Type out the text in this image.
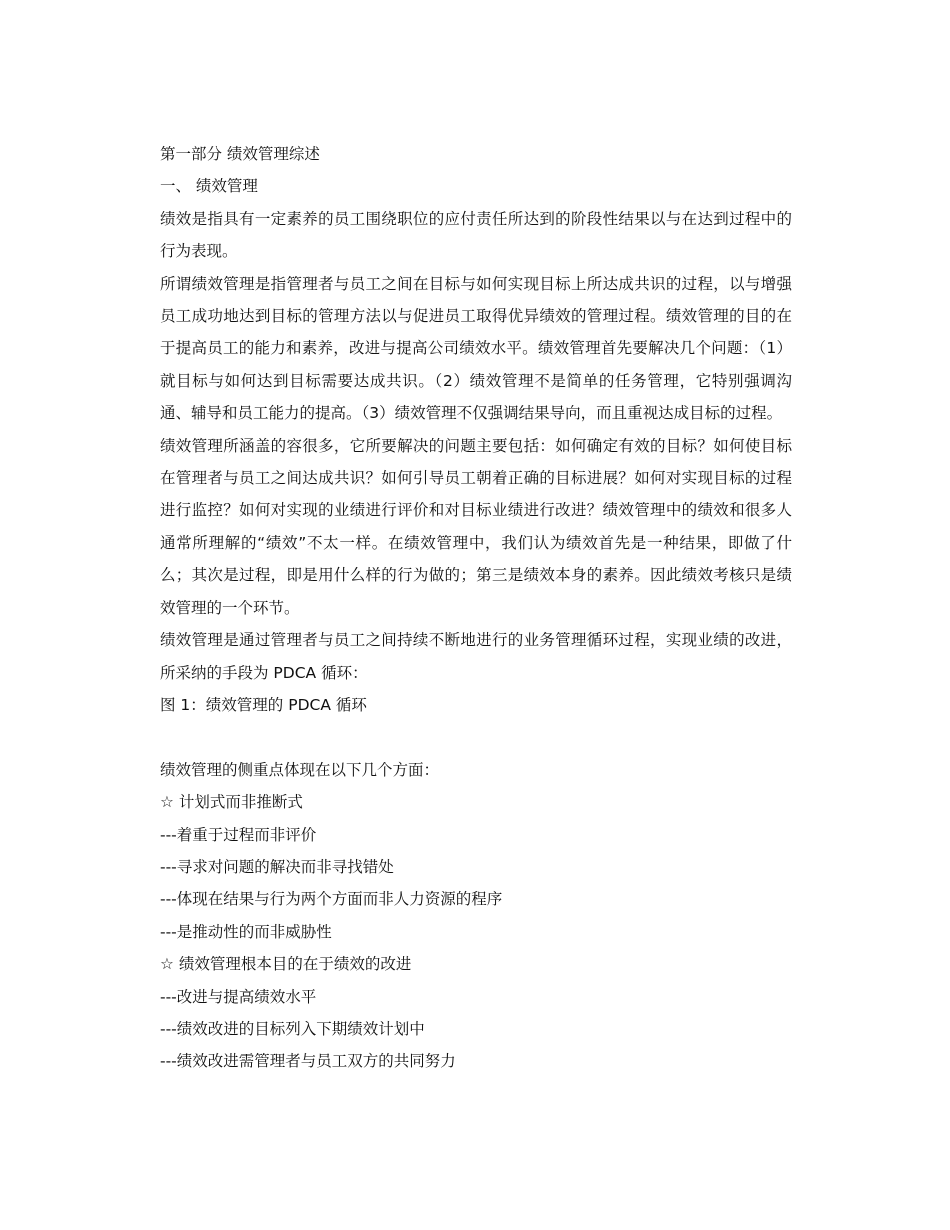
第一部分 绩效管理综述

一、 绩效管理

绩效是指具有一定素养的员工围绕职位的应付责任所达到的阶段性结果以与在达到过程中的行为表现。

所谓绩效管理是指管理者与员工之间在目标与如何实现目标上所达成共识的过程，以与增强员工成功地达到目标的管理方法以与促进员工取得优异绩效的管理过程。绩效管理的目的在于提高员工的能力和素养，改进与提高公司绩效水平。绩效管理首先要解决几个问题：（1）就目标与如何达到目标需要达成共识。（2）绩效管理不是简单的任务管理，它特别强调沟通、辅导和员工能力的提高。（3）绩效管理不仅强调结果导向，而且重视达成目标的过程。

绩效管理所涵盖的容很多，它所要解决的问题主要包括：如何确定有效的目标？如何使目标在管理者与员工之间达成共识？如何引导员工朝着正确的目标进展？如何对实现目标的过程进行监控？如何对实现的业绩进行评价和对目标业绩进行改进？绩效管理中的绩效和很多人通常所理解的“绩效”不太一样。在绩效管理中，我们认为绩效首先是一种结果，即做了什么；其次是过程，即是用什么样的行为做的；第三是绩效本身的素养。因此绩效考核只是绩效管理的一个环节。

绩效管理是通过管理者与员工之间持续不断地进行的业务管理循环过程，实现业绩的改进，所采纳的手段为 PDCA 循环：

图 1：绩效管理的 PDCA 循环

绩效管理的侧重点体现在以下几个方面：

☆ 计划式而非推断式

---着重于过程而非评价

---寻求对问题的解决而非寻找错处

---体现在结果与行为两个方面而非人力资源的程序

---是推动性的而非威胁性

☆ 绩效管理根本目的在于绩效的改进

---改进与提高绩效水平

---绩效改进的目标列入下期绩效计划中

---绩效改进需管理者与员工双方的共同努力
